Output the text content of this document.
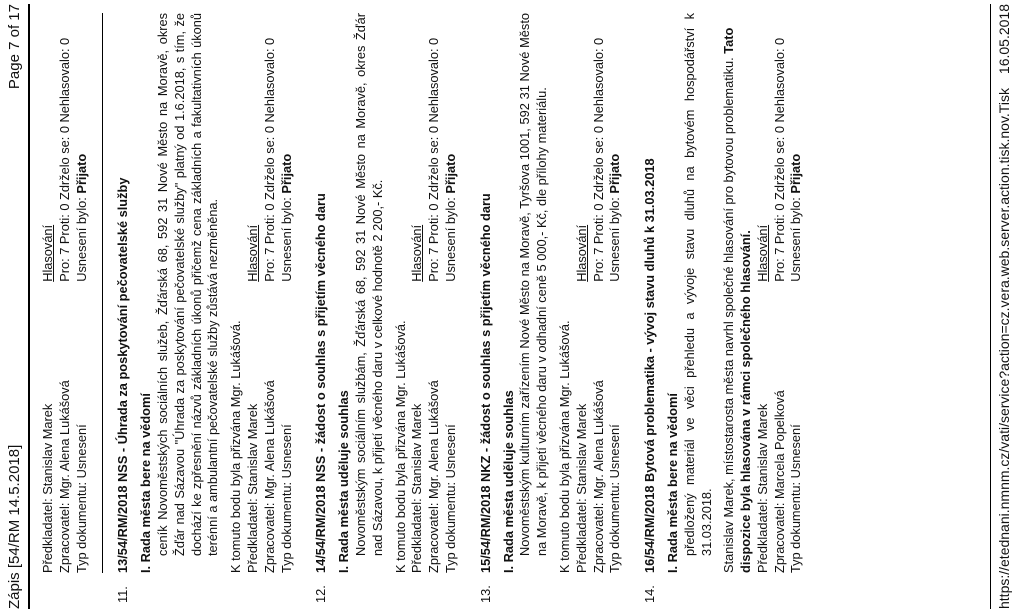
Zápis [54/RM 14.5.2018]
Page 7 of 17
Předkladatel: Stanislav Marek Zpracovatel: Mgr. Alena Lukášová Typ dokumentu: Usnesení
Hlasování Pro: 7 Proti: 0 Zdrželo se: 0 Nehlasovalo: 0 Usnesení bylo: Přijato
11.
13/54/RM/2018 NSS - Úhrada za poskytování pečovatelské služby I. Rada města bere na vědomí ceník Novoměstských sociálních služeb, Žďárská 68, 592 31 Nové Město na Moravě, okres Žďár nad Sázavou "Úhrada za poskytování pečovatelské služby" platný od 1.6.2018, s tím, že dochází ke zpřesnění názvů základních úkonů přičemž cena základních a fakultativních úkonů terénní a ambulantní pečovatelské služby zůstává nezměněna. K tomuto bodu byla přizvána Mgr. Lukášová. Předkladatel: Stanislav Marek Zpracovatel: Mgr. Alena Lukášová Typ dokumentu: Usnesení
Hlasování Pro: 7 Proti: 0 Zdrželo se: 0 Nehlasovalo: 0 Usnesení bylo: Přijato
12.
14/54/RM/2018 NSS - žádost o souhlas s přijetím věcného daru I. Rada města uděluje souhlas Novoměstským sociálním službám, Žďárská 68, 592 31 Nové Město na Moravě, okres Žďár nad Sázavou, k přijetí věcného daru v celkové hodnotě 2 200,- Kč. K tomuto bodu byla přizvána Mgr. Lukášová. Předkladatel: Stanislav Marek Zpracovatel: Mgr. Alena Lukášová Typ dokumentu: Usnesení
Hlasování Pro: 7 Proti: 0 Zdrželo se: 0 Nehlasovalo: 0 Usnesení bylo: Přijato
13.
15/54/RM/2018 NKZ - žádost o souhlas s přijetím věcného daru I. Rada města uděluje souhlas Novoměstským kulturním zařízením Nové Město na Moravě, Tyršova 1001, 592 31 Nové Město na Moravě, k přijetí věcného daru v odhadní ceně 5 000,- Kč, dle přílohy materiálu. K tomuto bodu byla přizvána Mgr. Lukášová. Předkladatel: Stanislav Marek Zpracovatel: Mgr. Alena Lukášová Typ dokumentu: Usnesení
Hlasování Pro: 7 Proti: 0 Zdrželo se: 0 Nehlasovalo: 0 Usnesení bylo: Přijato
14.
16/54/RM/2018 Bytová problematika - vývoj stavu dluhů k 31.03.2018 I. Rada města bere na vědomí předložený materiál ve věci přehledu a vývoje stavu dluhů na bytovém hospodářství k 31.03.2018. Stanislav Marek, místostarosta města navrhl společné hlasování pro bytovou problematiku. Tato dispozice byla hlasována v rámci společného hlasování. Předkladatel: Stanislav Marek Zpracovatel: Marcela Popelková Typ dokumentu: Usnesení
Hlasování Pro: 7 Proti: 0 Zdrželo se: 0 Nehlasovalo: 0 Usnesení bylo: Přijato	https://etednani.nmnm.cz/vati/service?action=cz.vera.web.server.action.tisk.nov.Tisk
16.05.2018
